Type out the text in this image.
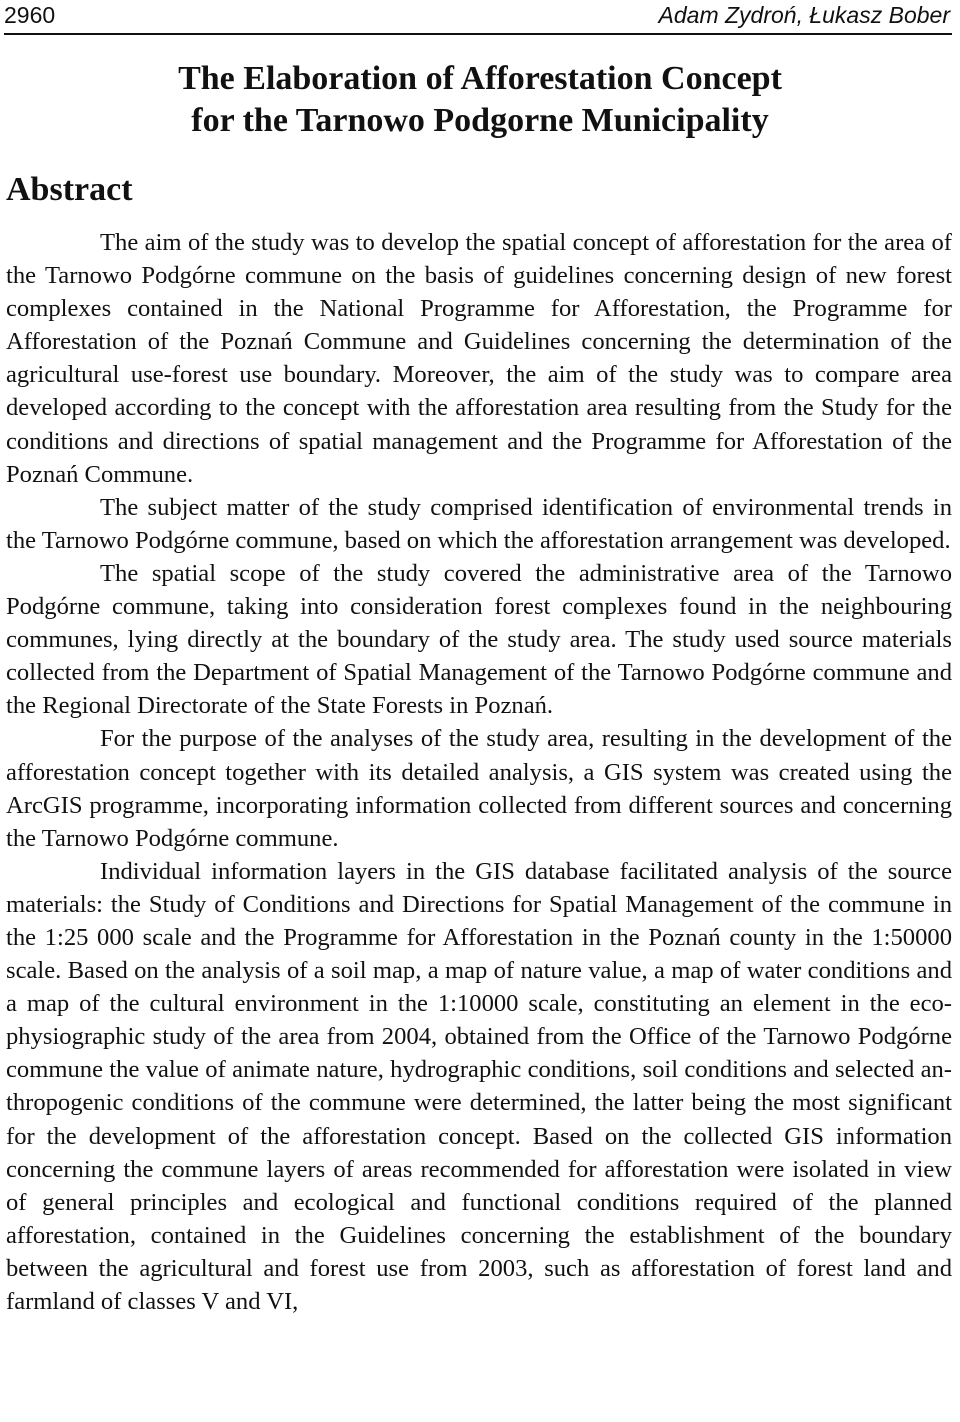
2960	Adam Zydroń, Łukasz Bober
The Elaboration of Afforestation Concept
for the Tarnowo Podgorne Municipality
Abstract

The aim of the study was to develop the spatial concept of afforestation for the area of the Tarnowo Podgórne commune on the basis of guidelines concerning design of new forest complexes contained in the National Programme for Afforestation, the Programme for Afforestation of the Poznań Commune and Guidelines concerning the determination of the agricultural use-forest use boundary. Moreover, the aim of the study was to compare area developed according to the concept with the afforestation area resulting from the Study for the conditions and directions of spatial management and the Programme for Afforestation of the Poznań Commune.

The subject matter of the study comprised identification of environmental trends in the Tarnowo Podgórne commune, based on which the afforestation arrangement was developed.

The spatial scope of the study covered the administrative area of the Tarnowo Podgórne commune, taking into consideration forest complexes found in the neighbouring communes, lying directly at the boundary of the study area. The study used source materials collected from the Department of Spatial Management of the Tarnowo Podgórne commune and the Regional Directorate of the State Forests in Poznań.

For the purpose of the analyses of the study area, resulting in the development of the afforestation concept together with its detailed analysis, a GIS system was created using the ArcGIS programme, incorporating information collected from different sources and concerning the Tarnowo Podgórne commune.

Individual information layers in the GIS database facilitated analysis of the source materials: the Study of Conditions and Directions for Spatial Management of the commune in the 1:25 000 scale and the Programme for Afforestation in the Poznań county in the 1:50000 scale. Based on the analysis of a soil map, a map of nature value, a map of water conditions and a map of the cultural environment in the 1:10000 scale, constituting an element in the eco-physiographic study of the area from 2004, obtained from the Office of the Tarnowo Podgórne commune the value of animate nature, hydrographic conditions, soil conditions and selected anthropogenic conditions of the commune were determined, the latter being the most significant for the development of the afforestation concept. Based on the collected GIS information concerning the commune layers of areas recommended for afforestation were isolated in view of general principles and ecological and functional conditions required of the planned afforestation, contained in the Guidelines concerning the establishment of the boundary between the agricultural and forest use from 2003, such as afforestation of forest land and farmland of classes V and VI,
